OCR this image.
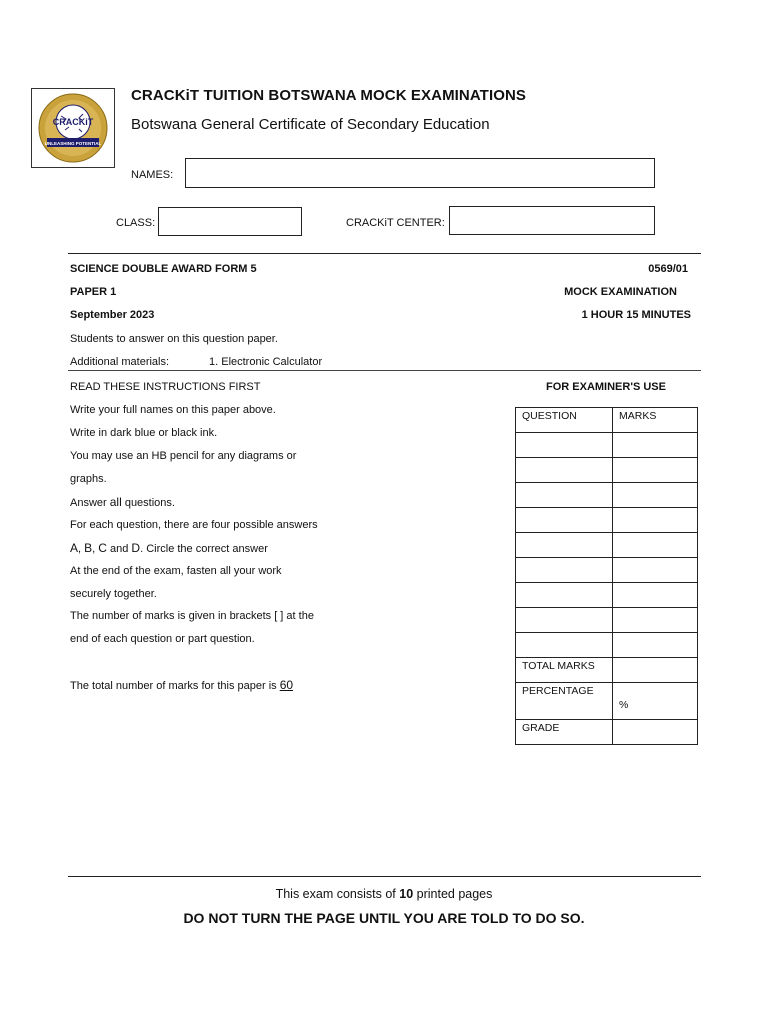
CRACKiT
UNLEASHING POTENTIAL
CRACKiT TUITION BOTSWANA MOCK EXAMINATIONS
Botswana General Certificate of Secondary Education
NAMES:
CLASS:	CRACKiT CENTER:
SCIENCE DOUBLE AWARD FORM 5	0569/01
PAPER 1	MOCK EXAMINATION
September 2023	1 HOUR 15 MINUTES
Students to answer on this question paper.
Additional materials:	1. Electronic Calculator
READ THESE INSTRUCTIONS FIRST
Write your full names on this paper above.
Write in dark blue or black ink.
You may use an HB pencil for any diagrams or
graphs.
Answer all questions.
For each question, there are four possible answers
A, B, C and D. Circle the correct answer
At the end of the exam, fasten all your work
securely together.
The number of marks is given in brackets [ ] at the
end of each question or part question.
The total number of marks for this paper is 60
FOR EXAMINER'S USE
QUESTION	MARKS

TOTAL MARKS	
PERCENTAGE	%
GRADE	
This exam consists of 10 printed pages
DO NOT TURN THE PAGE UNTIL YOU ARE TOLD TO DO SO.
